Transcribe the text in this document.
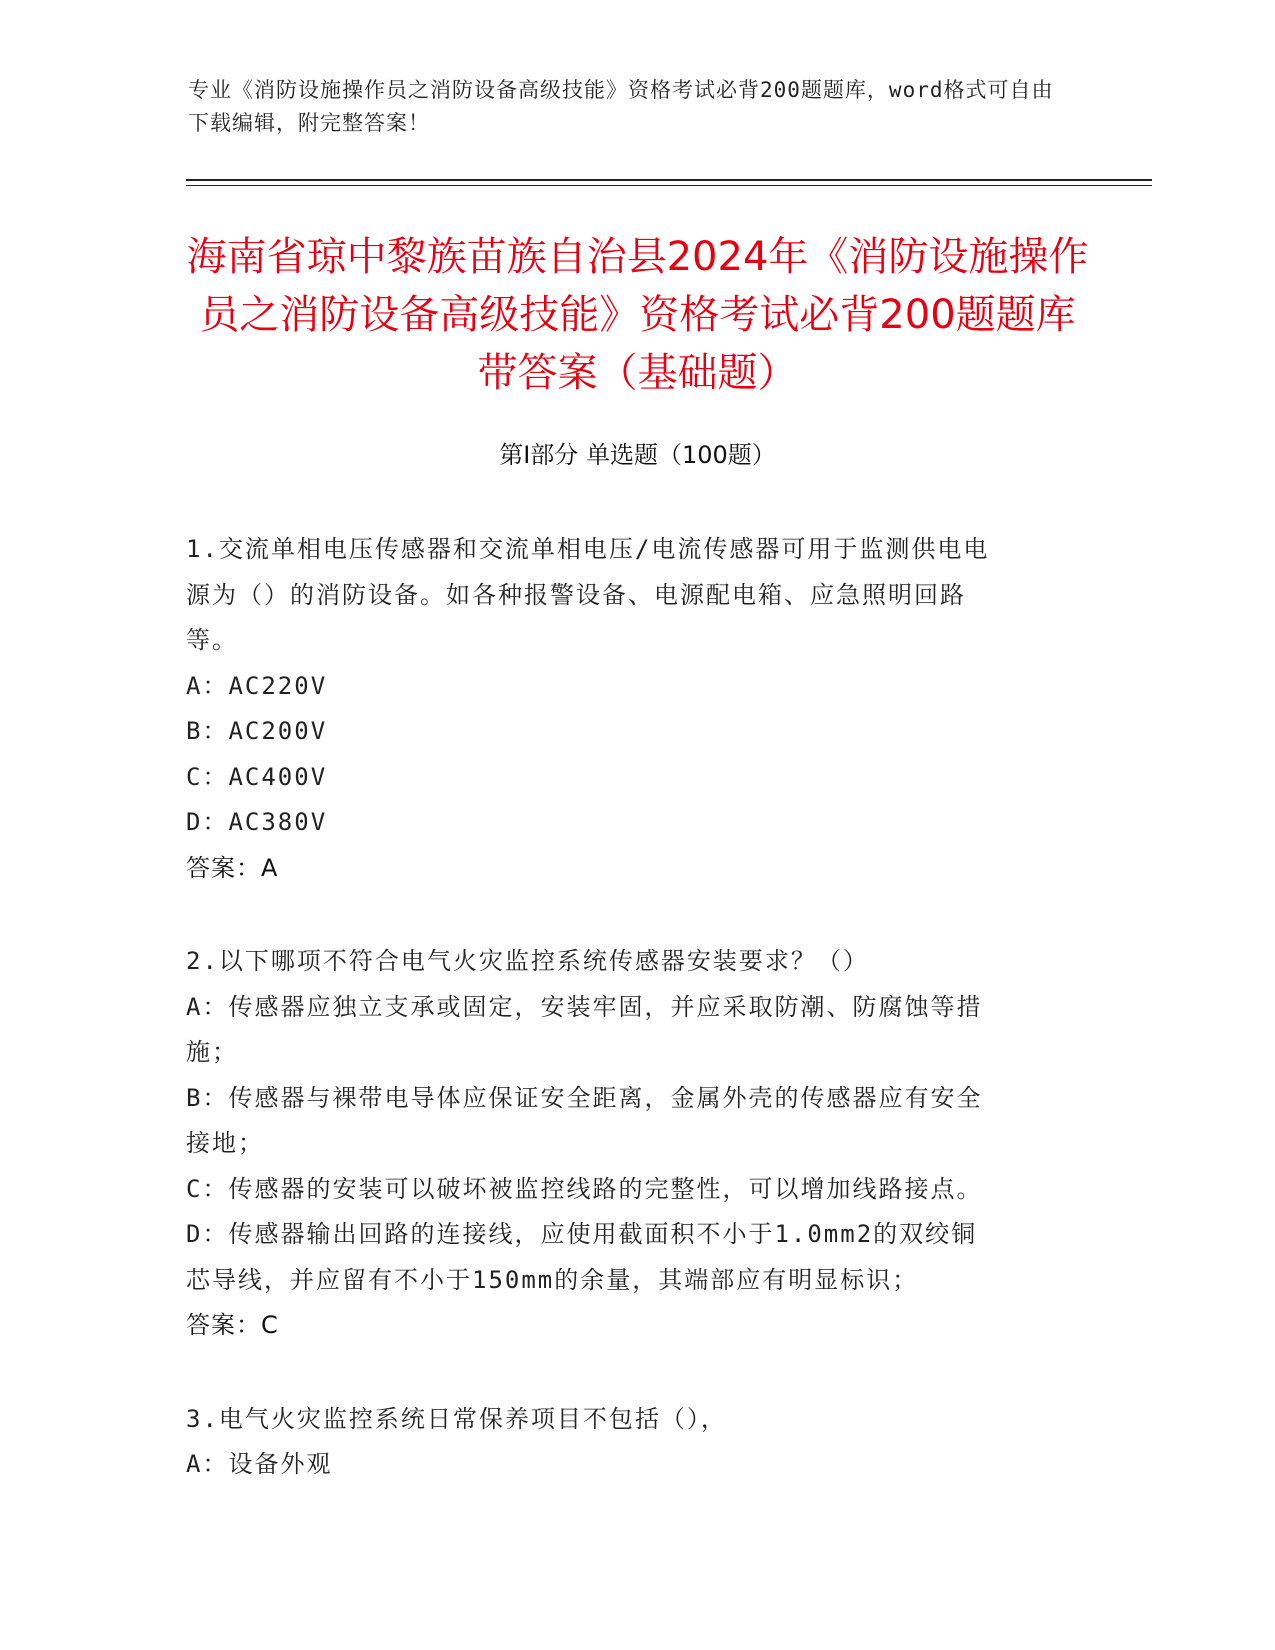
专业《消防设施操作员之消防设备高级技能》资格考试必背200题题库，word格式可自由下载编辑，附完整答案！
海南省琼中黎族苗族自治县2024年《消防设施操作员之消防设备高级技能》资格考试必背200题题库带答案（基础题）
第Ⅰ部分 单选题（100题）
1.交流单相电压传感器和交流单相电压/电流传感器可用于监测供电电
源为（）的消防设备。如各种报警设备、电源配电箱、应急照明回路
等。
A：AC220V
B：AC200V
C：AC400V
D：AC380V
答案：A
2.以下哪项不符合电气火灾监控系统传感器安装要求？（）
A：传感器应独立支承或固定，安装牢固，并应采取防潮、防腐蚀等措
施；
B：传感器与裸带电导体应保证安全距离，金属外壳的传感器应有安全
接地；
C：传感器的安装可以破坏被监控线路的完整性，可以增加线路接点。
D：传感器输出回路的连接线，应使用截面积不小于1.0mm2的双绞铜
芯导线，并应留有不小于150mm的余量，其端部应有明显标识；
答案：C
3.电气火灾监控系统日常保养项目不包括（），
A：设备外观
